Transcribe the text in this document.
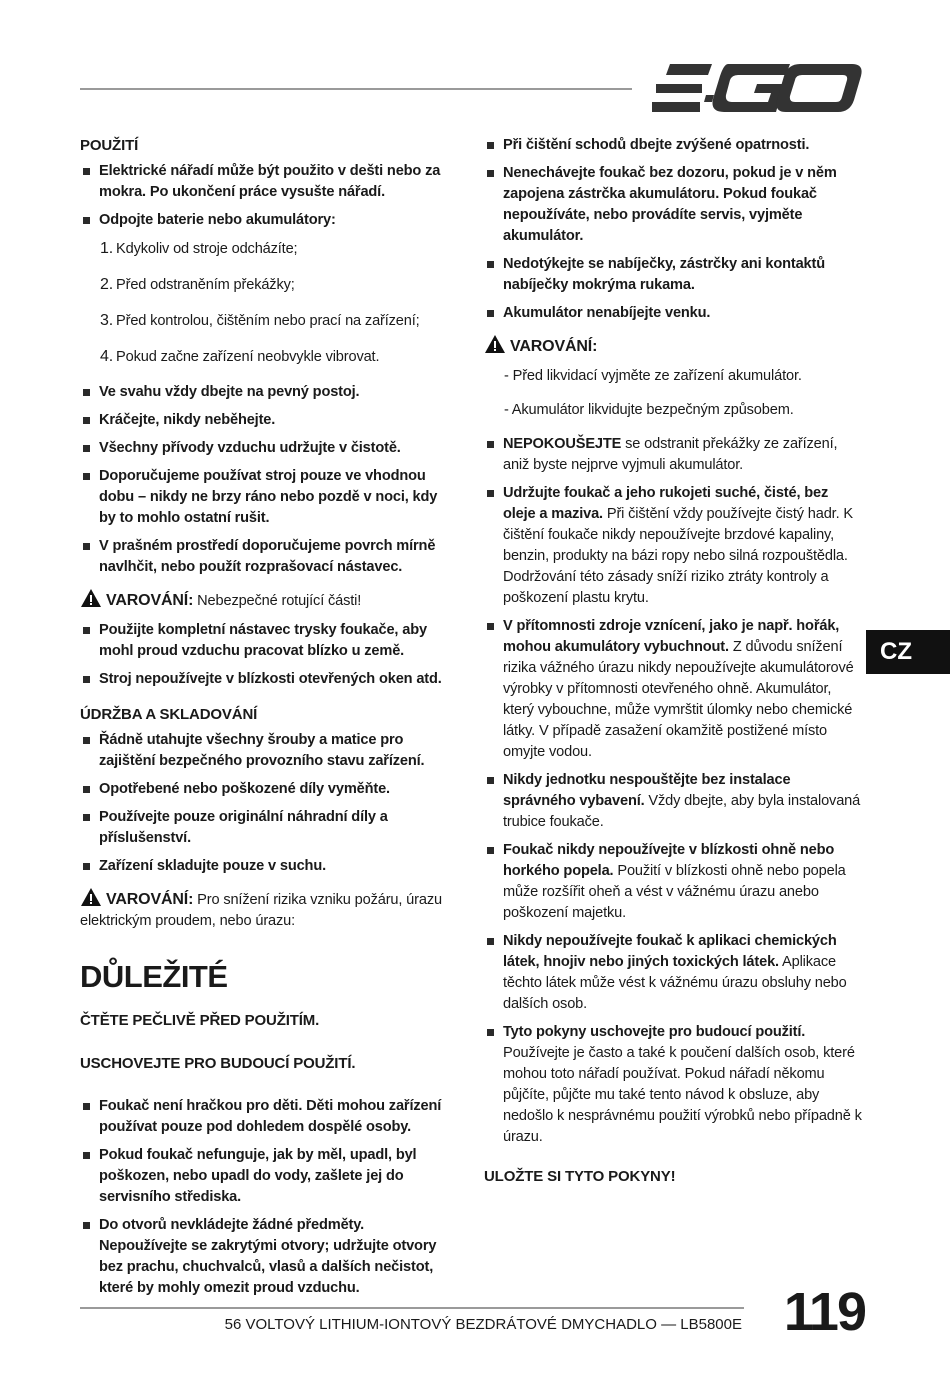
POUŽITÍ
Elektrické nářadí může být použito v dešti nebo za mokra. Po ukončení práce vysušte nářadí.
Odpojte baterie nebo akumulátory:
1. Kdykoliv od stroje odcházíte;
2. Před odstraněním překážky;
3. Před kontrolou, čištěním nebo prací na zařízení;
4. Pokud začne zařízení neobvykle vibrovat.
Ve svahu vždy dbejte na pevný postoj.
Kráčejte, nikdy neběhejte.
Všechny přívody vzduchu udržujte v čistotě.
Doporučujeme používat stroj pouze ve vhodnou dobu – nikdy ne brzy ráno nebo pozdě v noci, kdy by to mohlo ostatní rušit.
V prašném prostředí doporučujeme povrch mírně navlhčit, nebo použít rozprašovací nástavec.
VAROVÁNÍ: Nebezpečné rotující části!
Použijte kompletní nástavec trysky foukače, aby mohl proud vzduchu pracovat blízko u země.
Stroj nepoužívejte v blízkosti otevřených oken atd.
ÚDRŽBA A SKLADOVÁNÍ
Řádně utahujte všechny šrouby a matice pro zajištění bezpečného provozního stavu zařízení.
Opotřebené nebo poškozené díly vyměňte.
Používejte pouze originální náhradní díly a příslušenství.
Zařízení skladujte pouze v suchu.
VAROVÁNÍ: Pro snížení rizika vzniku požáru, úrazu elektrickým proudem, nebo úrazu:
DŮLEŽITÉ
ČTĚTE PEČLIVĚ PŘED POUŽITÍM.
USCHOVEJTE PRO BUDOUCÍ POUŽITÍ.
Foukač není hračkou pro děti. Děti mohou zařízení používat pouze pod dohledem dospělé osoby.
Pokud foukač nefunguje, jak by měl, upadl, byl poškozen, nebo upadl do vody, zašlete jej do servisního střediska.
Do otvorů nevkládejte žádné předměty. Nepoužívejte se zakrytými otvory; udržujte otvory bez prachu, chuchvalců, vlasů a dalších nečistot, které by mohly omezit proud vzduchu.
Při čištění schodů dbejte zvýšené opatrnosti.
Nenechávejte foukač bez dozoru, pokud je v něm zapojena zástrčka akumulátoru. Pokud foukač nepoužíváte, nebo provádíte servis, vyjměte akumulátor.
Nedotýkejte se nabíječky, zástrčky ani kontaktů nabíječky mokrýma rukama.
Akumulátor nenabíjejte venku.
VAROVÁNÍ:
- Před likvidací vyjměte ze zařízení akumulátor.
- Akumulátor likvidujte bezpečným způsobem.
NEPOKOUŠEJTE se odstranit překážky ze zařízení, aniž byste nejprve vyjmuli akumulátor.
Udržujte foukač a jeho rukojeti suché, čisté, bez oleje a maziva. Při čištění vždy používejte čistý hadr. K čištění foukače nikdy nepoužívejte brzdové kapaliny, benzin, produkty na bázi ropy nebo silná rozpouštědla. Dodržování této zásady sníží riziko ztráty kontroly a poškození plastu krytu.
V přítomnosti zdroje vznícení, jako je např. hořák, mohou akumulátory vybuchnout. Z důvodu snížení rizika vážného úrazu nikdy nepoužívejte akumulátorové výrobky v přítomnosti otevřeného ohně. Akumulátor, který vybouchne, může vymrštit úlomky nebo chemické látky. V případě zasažení okamžitě postižené místo omyjte vodou.
Nikdy jednotku nespouštějte bez instalace správného vybavení. Vždy dbejte, aby byla instalovaná trubice foukače.
Foukač nikdy nepoužívejte v blízkosti ohně nebo horkého popela. Použití v blízkosti ohně nebo popela může rozšířit oheň a vést v vážnému úrazu anebo poškození majetku.
Nikdy nepoužívejte foukač k aplikaci chemických látek, hnojiv nebo jiných toxických látek. Aplikace těchto látek může vést k vážnému úrazu obsluhy nebo dalších osob.
Tyto pokyny uschovejte pro budoucí použití. Používejte je často a také k poučení dalších osob, které mohou toto nářadí používat. Pokud nářadí někomu půjčíte, půjčte mu také tento návod k obsluze, aby nedošlo k nesprávnému použití výrobků nebo případně k úrazu.
ULOŽTE SI TYTO POKYNY!
CZ
56 VOLTOVÝ LITHIUM-IONTOVÝ BEZDRÁTOVÉ DMYCHADLO — LB5800E 119
